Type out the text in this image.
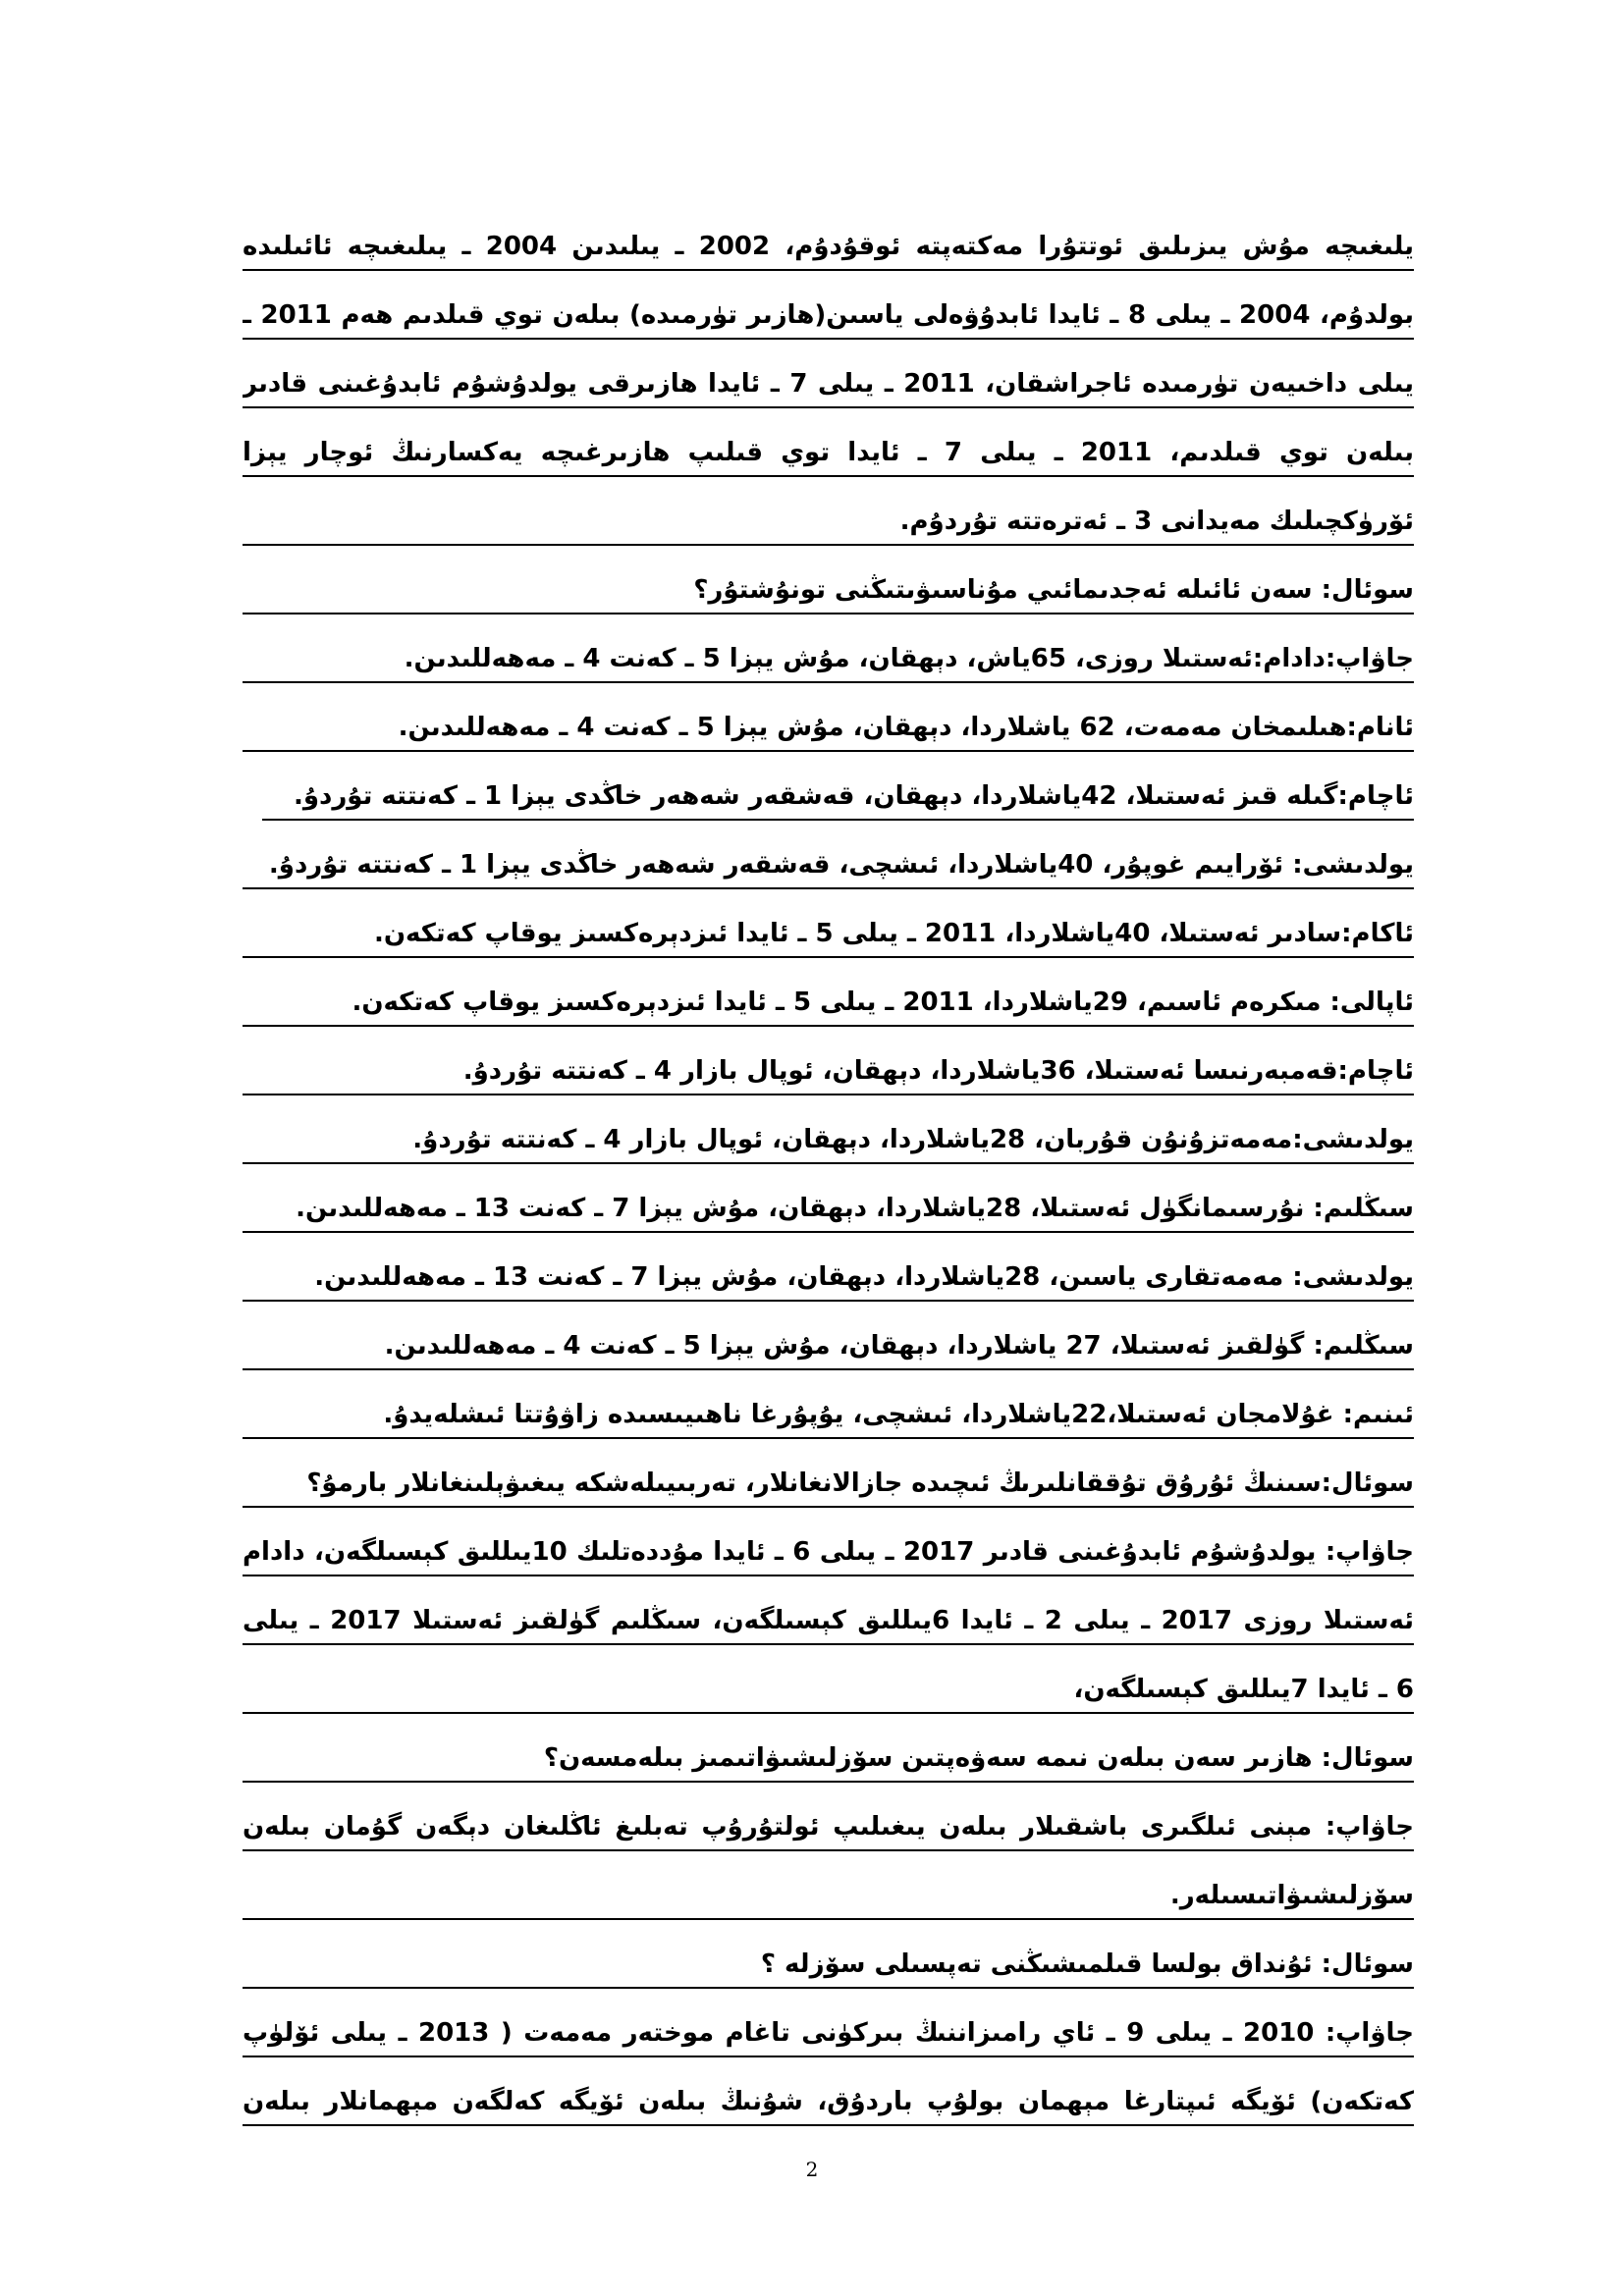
يلىغىچە مۇش يىزىلىق ئوتتۇرا مەكتەپتە ئوقۇدۇم، 2002 ـ يىلىدىن 2004 ـ يىلىغىچە ئائىلىدە
بولدۇم، 2004 ـ يىلى 8 ـ ئايدا ئابدۇۋەلى ياسىن(ھازىر تۈرمىدە) بىلەن توي قىلدىم ھەم 2011 ـ
يىلى داخىيەن تۈرمىدە ئاجراشقان، 2011 ـ يىلى 7 ـ ئايدا ھازىرقى يولدۇشۇم ئابدۇغىنى قادىر
بىلەن توي قىلدىم، 2011 ـ يىلى 7 ـ ئايدا توي قىلىپ ھازىرغىچە يەكسارنىڭ ئوچار يېزا
ئۆرۈكچىلىك مەيدانى 3 ـ ئەترەتتە تۇردۇم.
سوئال: سەن ئائىلە ئەجدىمائىي مۇناسىۋىتىڭنى تونۇشتۇر؟
جاۋاپ:دادام:ئەستىلا روزى، 65ياش، دېھقان، مۇش يېزا 5 ـ كەنت 4 ـ مەھەللىدىن.
ئانام:ھىلىمخان مەمەت، 62 ياشلاردا، دېھقان، مۇش يېزا 5 ـ كەنت 4 ـ مەھەللىدىن.
ئاچام:گىلە قىز ئەستىلا، 42ياشلاردا، دېھقان، قەشقەر شەھەر خاڭدى يېزا 1 ـ كەنتتە تۇردۇ.
يولدىشى: ئۆرايىم غوپۇر، 40ياشلاردا، ئىشچى، قەشقەر شەھەر خاڭدى يېزا 1 ـ كەنتتە تۇردۇ.
ئاكام:سادىر ئەستىلا، 40ياشلاردا، 2011 ـ يىلى 5 ـ ئايدا ئىزدېرەكسىز يوقاپ كەتكەن.
ئاپالى: مىكرەم ئاسىم، 29ياشلاردا، 2011 ـ يىلى 5 ـ ئايدا ئىزدېرەكسىز يوقاپ كەتكەن.
ئاچام:قەمبەرنىسا ئەستىلا، 36ياشلاردا، دېھقان، ئوپال بازار 4 ـ كەنتتە تۇردۇ.
يولدىشى:مەمەتزۇنۇن قۇربان، 28ياشلاردا، دېھقان، ئوپال بازار 4 ـ كەنتتە تۇردۇ.
سىڭلىم: نۇرسىمانگۈل ئەستىلا، 28ياشلاردا، دېھقان، مۇش يېزا 7 ـ كەنت 13 ـ مەھەللىدىن.
يولدىشى: مەمەتقارى ياسىن، 28ياشلاردا، دېھقان، مۇش يېزا 7 ـ كەنت 13 ـ مەھەللىدىن.
سىڭلىم: گۈلقىز ئەستىلا، 27 ياشلاردا، دېھقان، مۇش يېزا 5 ـ كەنت 4 ـ مەھەللىدىن.
ئىنىم: غۇلامجان ئەستىلا،22ياشلاردا، ئىشچى، يۇپۇرغا ناھىيىسىدە زاۋۇتتا ئىشلەيدۇ.
سوئال:سىنىڭ ئۇرۇق تۇققانلىرىڭ ئىچىدە جازالانغانلار، تەربىيىلەشكە يىغىۋېلىنغانلار بارمۇ؟
جاۋاپ: يولدۇشۇم ئابدۇغىنى قادىر 2017 ـ يىلى 6 ـ ئايدا مۇددەتلىك 10يىللىق كېسىلگەن، دادام
ئەستىلا روزى 2017 ـ يىلى 2 ـ ئايدا 6يىللىق كېسىلگەن، سىڭلىم گۈلقىز ئەستىلا 2017 ـ يىلى
6 ـ ئايدا 7يىللىق كېسىلگەن،
سوئال: ھازىر سەن بىلەن نىمە سەۋەپتىن سۆزلىشىۋاتىمىز بىلەمسەن؟
جاۋاپ: مېنى ئىلگىرى باشقىلار بىلەن يىغىلىپ ئولتۇرۇپ تەبلىغ ئاڭلىغان دېگەن گۇمان بىلەن
سۆزلىشىۋاتىسىلەر.
سوئال: ئۇنداق بولسا قىلمىشىڭنى تەپسىلى سۆزلە ؟
جاۋاپ: 2010 ـ يىلى 9 ـ ئاي رامىزاننىڭ بىركۈنى تاغام موختەر مەمەت ( 2013 ـ يىلى ئۆلۈپ
كەتكەن) ئۆيگە ئىپتارغا مېھمان بولۇپ باردۇق، شۇنىڭ بىلەن ئۆيگە كەلگەن مېھمانلار بىلەن
2
